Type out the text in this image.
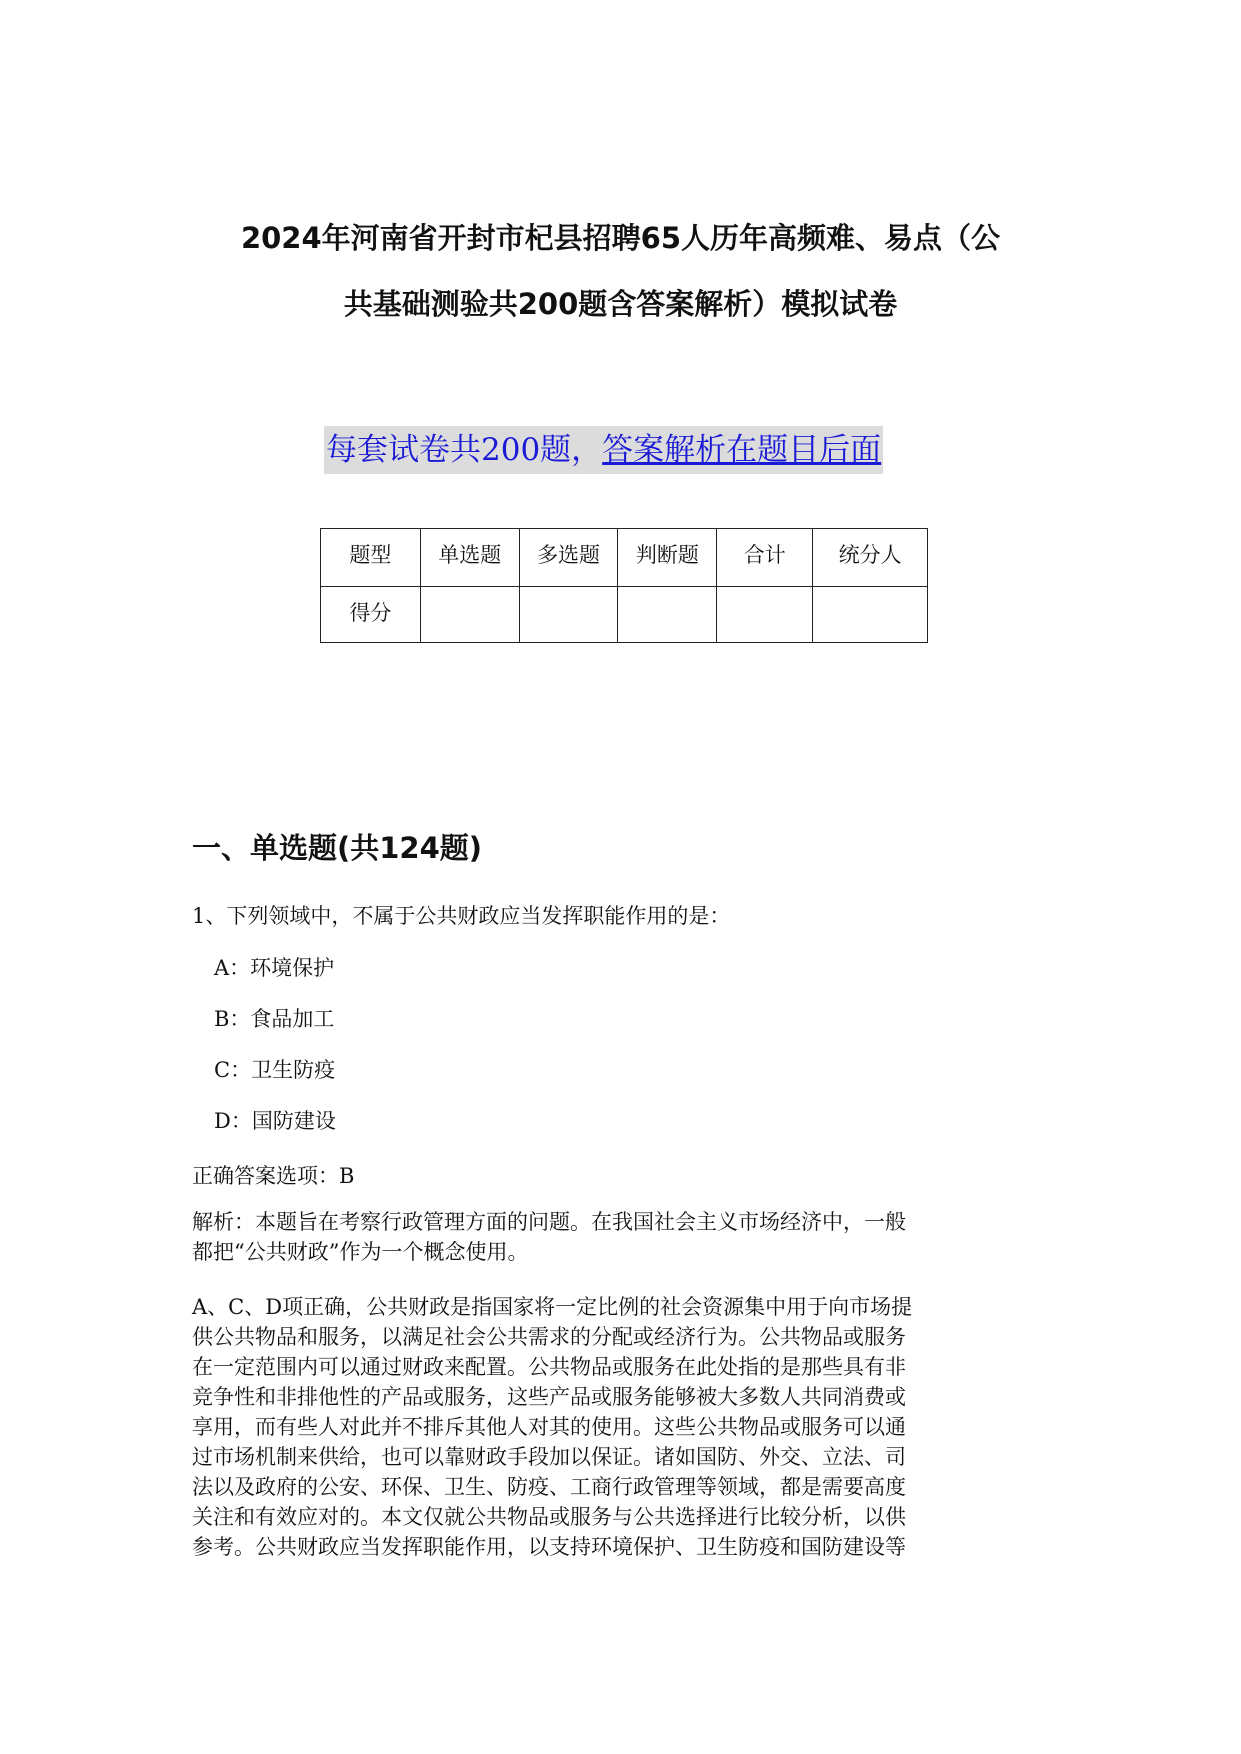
2024年河南省开封市杞县招聘65人历年高频难、易点（公
共基础测验共200题含答案解析）模拟试卷
每套试卷共200题，答案解析在题目后面
题型	单选题	多选题	判断题	合计	统分人
得分					
一、单选题(共124题)
1、下列领域中，不属于公共财政应当发挥职能作用的是：
A：环境保护
B：食品加工
C：卫生防疫
D：国防建设
正确答案选项：B
解析：本题旨在考察行政管理方面的问题。在我国社会主义市场经济中，一般
都把“公共财政”作为一个概念使用。
A、C、D项正确，公共财政是指国家将一定比例的社会资源集中用于向市场提
供公共物品和服务，以满足社会公共需求的分配或经济行为。公共物品或服务
在一定范围内可以通过财政来配置。公共物品或服务在此处指的是那些具有非
竞争性和非排他性的产品或服务，这些产品或服务能够被大多数人共同消费或
享用，而有些人对此并不排斥其他人对其的使用。这些公共物品或服务可以通
过市场机制来供给，也可以靠财政手段加以保证。诸如国防、外交、立法、司
法以及政府的公安、环保、卫生、防疫、工商行政管理等领域，都是需要高度
关注和有效应对的。本文仅就公共物品或服务与公共选择进行比较分析，以供
参考。公共财政应当发挥职能作用，以支持环境保护、卫生防疫和国防建设等
